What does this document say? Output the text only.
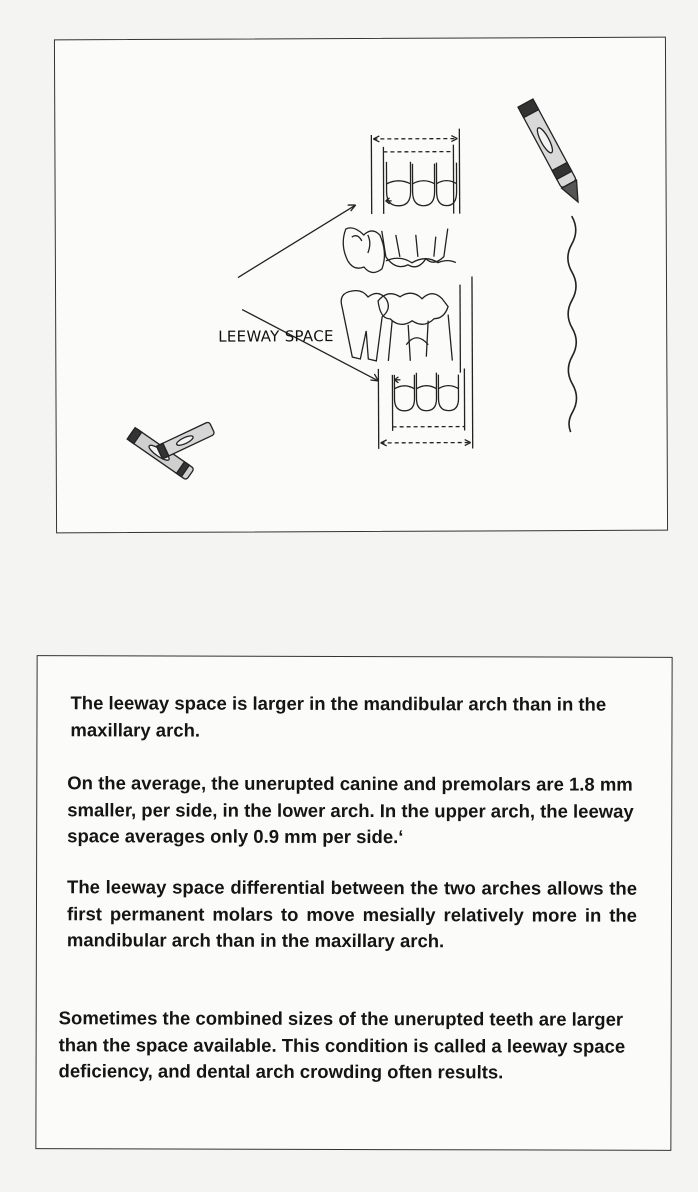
LEEWAY SPACE

The leeway space is larger in the mandibular arch than in the maxillary arch.

On the average, the unerupted canine and premolars are 1.8 mm smaller, per side, in the lower arch. In the upper arch, the leeway space averages only 0.9 mm per side.‘

The leeway space differential between the two arches allows the first permanent molars to move mesially relatively more in the mandibular arch than in the maxillary arch.

Sometimes the combined sizes of the unerupted teeth are larger than the space available. This condition is called a leeway space deficiency, and dental arch crowding often results.
